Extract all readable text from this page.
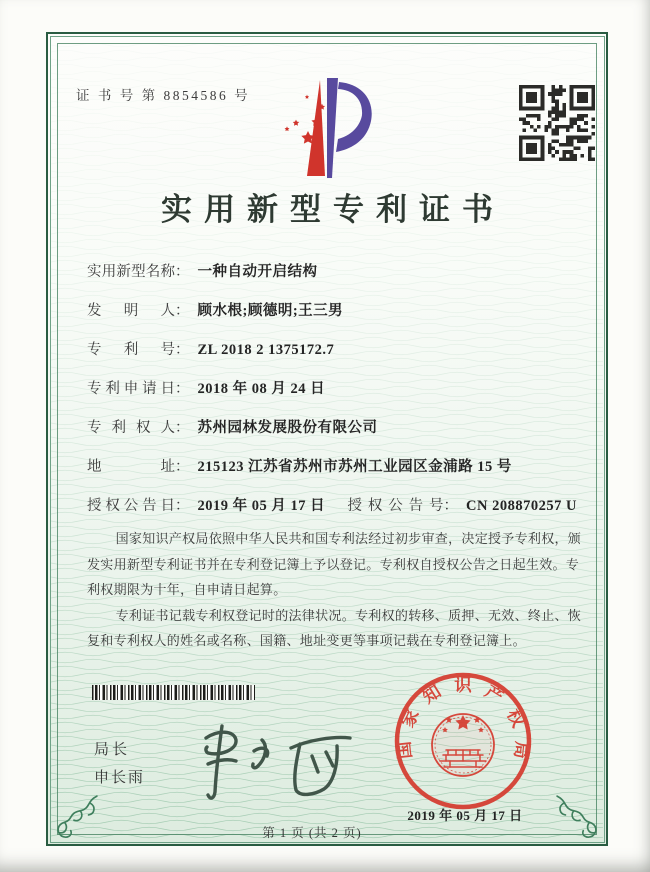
证 书 号 第 8854586 号
实用新型专利证书
实用新型名称： 一种自动开启结构
发明人： 顾水根;顾德明;王三男
专利号： ZL 2018 2 1375172.7
专利申请日： 2018 年 08 月 24 日
专利权人： 苏州园林发展股份有限公司
地址： 215123 江苏省苏州市苏州工业园区金浦路 15 号
授权公告日： 2019 年 05 月 17 日 授权公告号： CN 208870257 U

国家知识产权局依照中华人民共和国专利法经过初步审查，决定授予专利权，颁发实用新型专利证书并在专利登记簿上予以登记。专利权自授权公告之日起生效。专利权期限为十年，自申请日起算。

专利证书记载专利权登记时的法律状况。专利权的转移、质押、无效、终止、恢复和专利权人的姓名或名称、国籍、地址变更等事项记载在专利登记簿上。

局长
申长雨
国
家
知 识 产
权
局
2019 年 05 月 17 日
第 1 页 (共 2 页)
